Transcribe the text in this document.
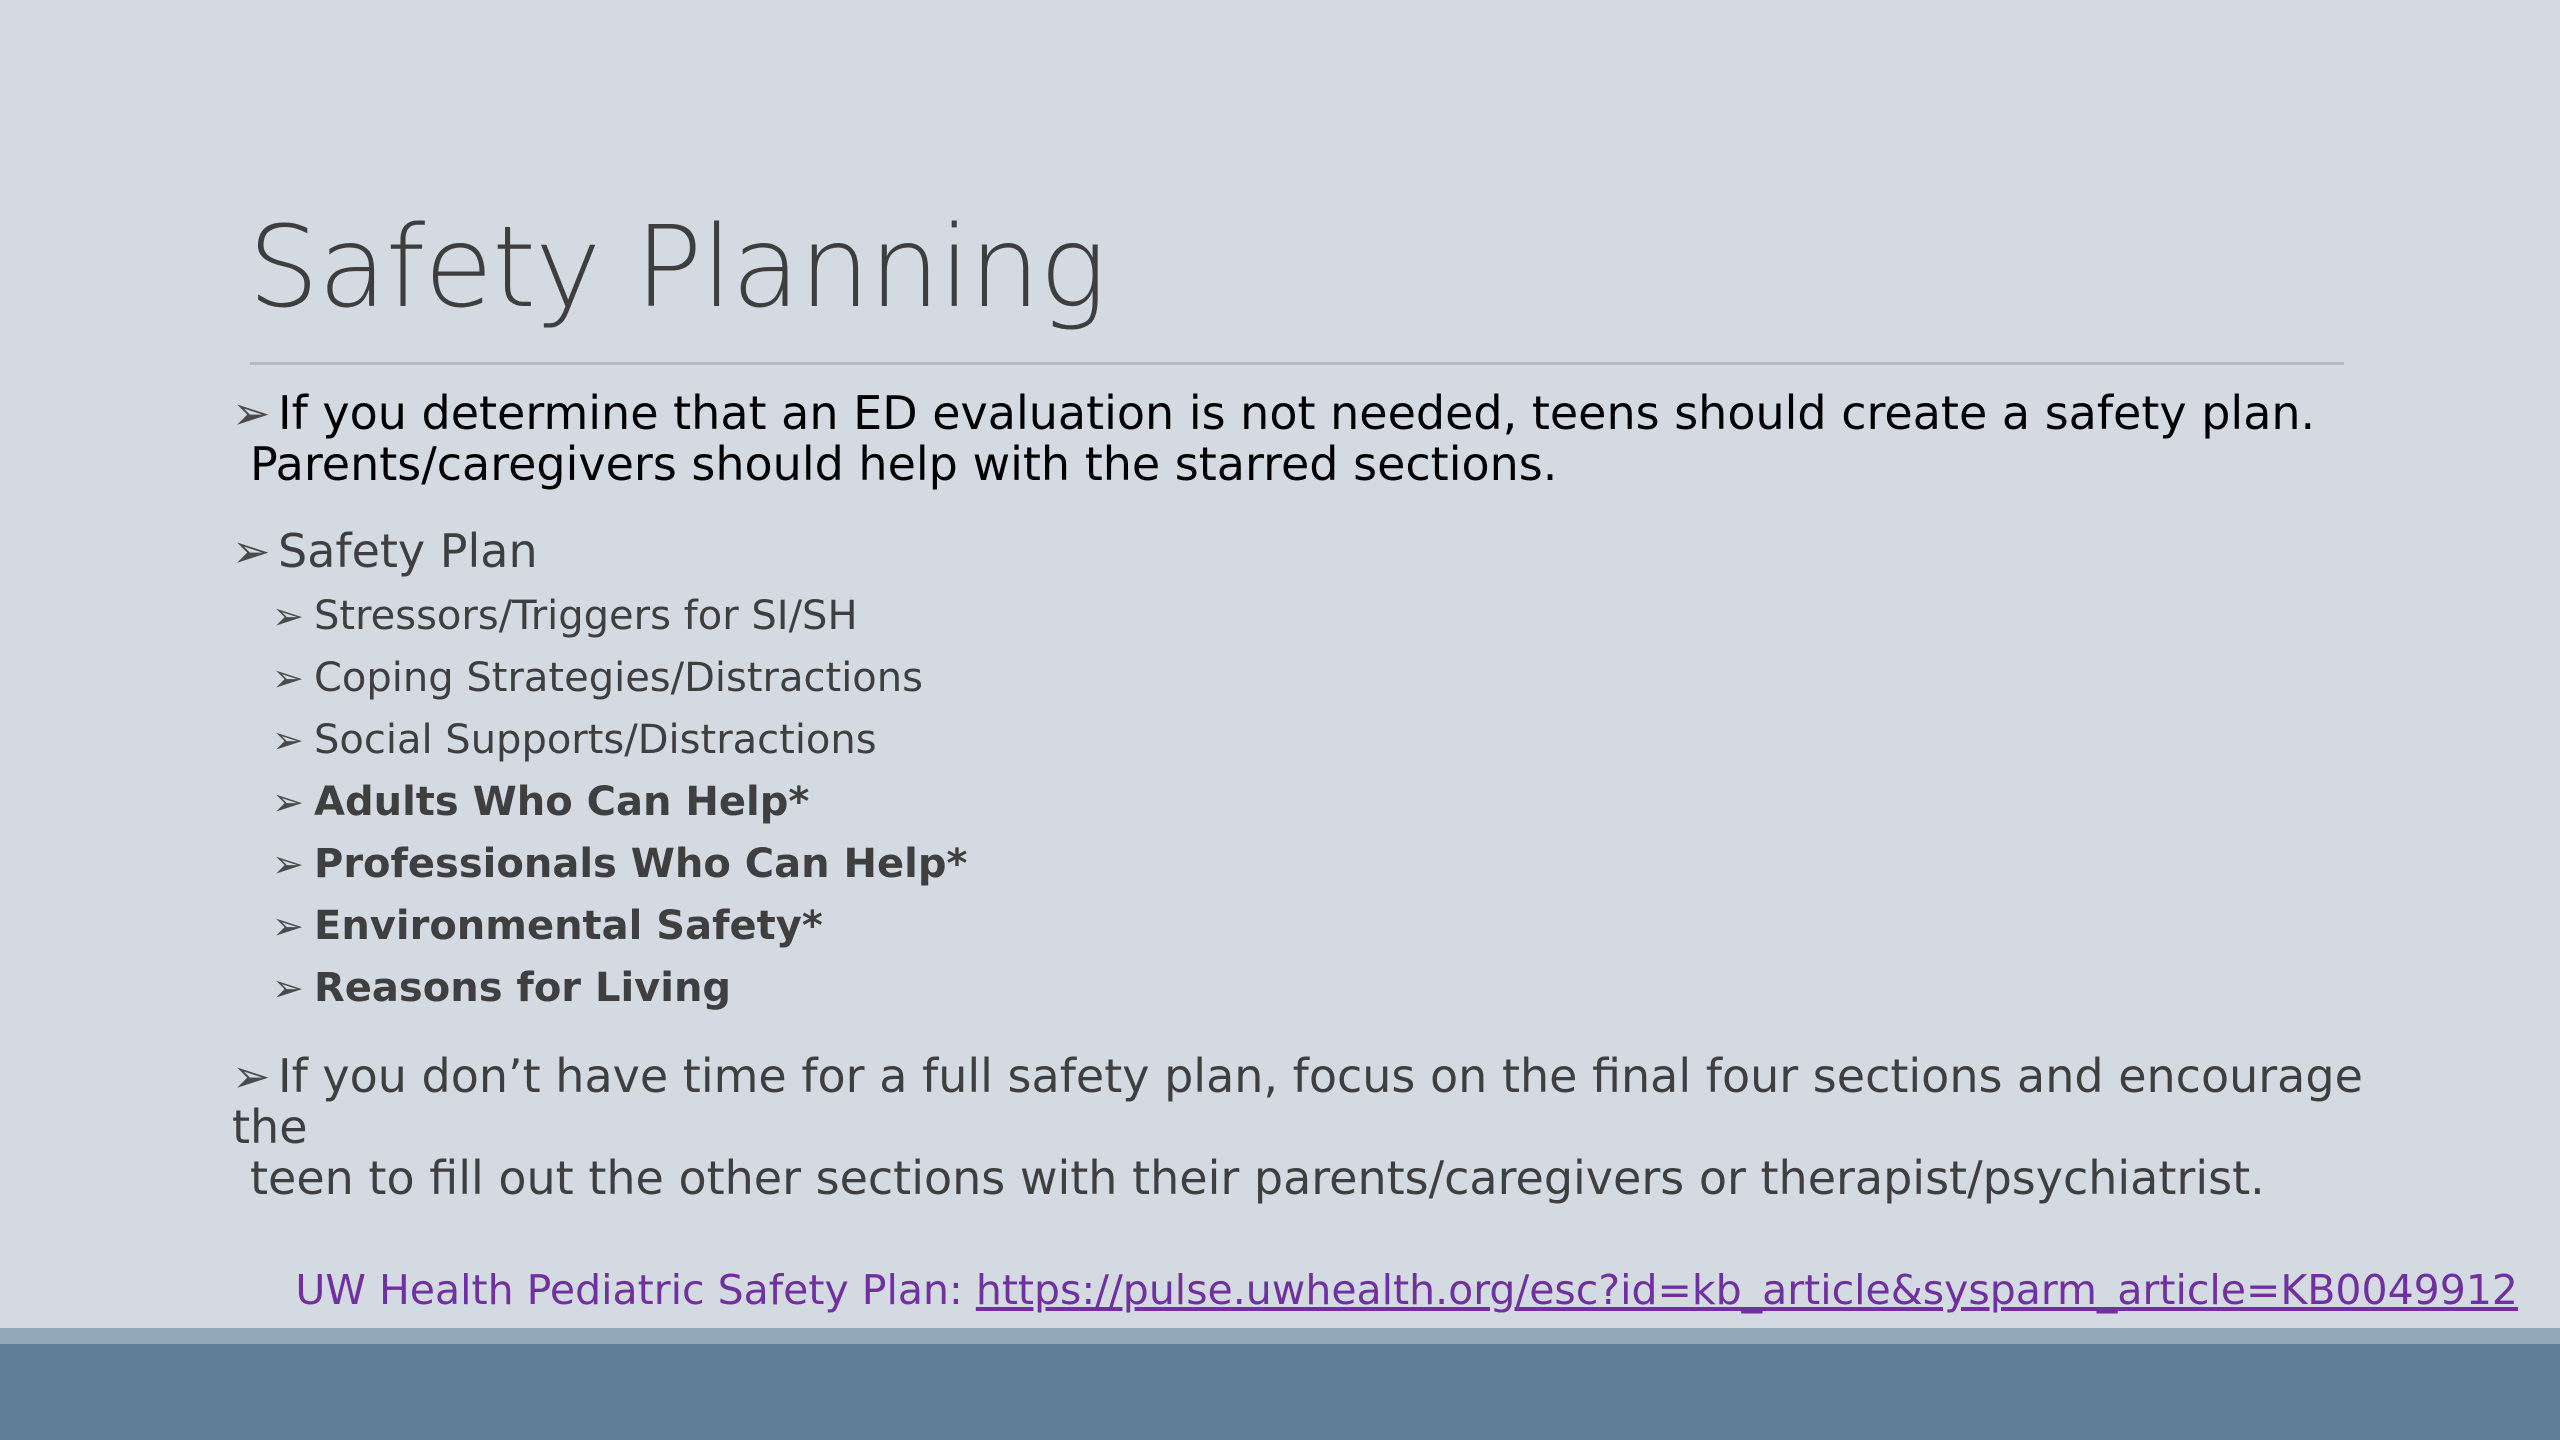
Safety Planning
➢ If you determine that an ED evaluation is not needed, teens should create a safety plan.
Parents/caregivers should help with the starred sections.
➢ Safety Plan
➢ Stressors/Triggers for SI/SH
➢ Coping Strategies/Distractions
➢ Social Supports/Distractions
➢ Adults Who Can Help*
➢ Professionals Who Can Help*
➢ Environmental Safety*
➢ Reasons for Living
➢ If you don’t have time for a full safety plan, focus on the final four sections and encourage the
teen to fill out the other sections with their parents/caregivers or therapist/psychiatrist.
UW Health Pediatric Safety Plan: https://pulse.uwhealth.org/esc?id=kb_article&sysparm_article=KB0049912
